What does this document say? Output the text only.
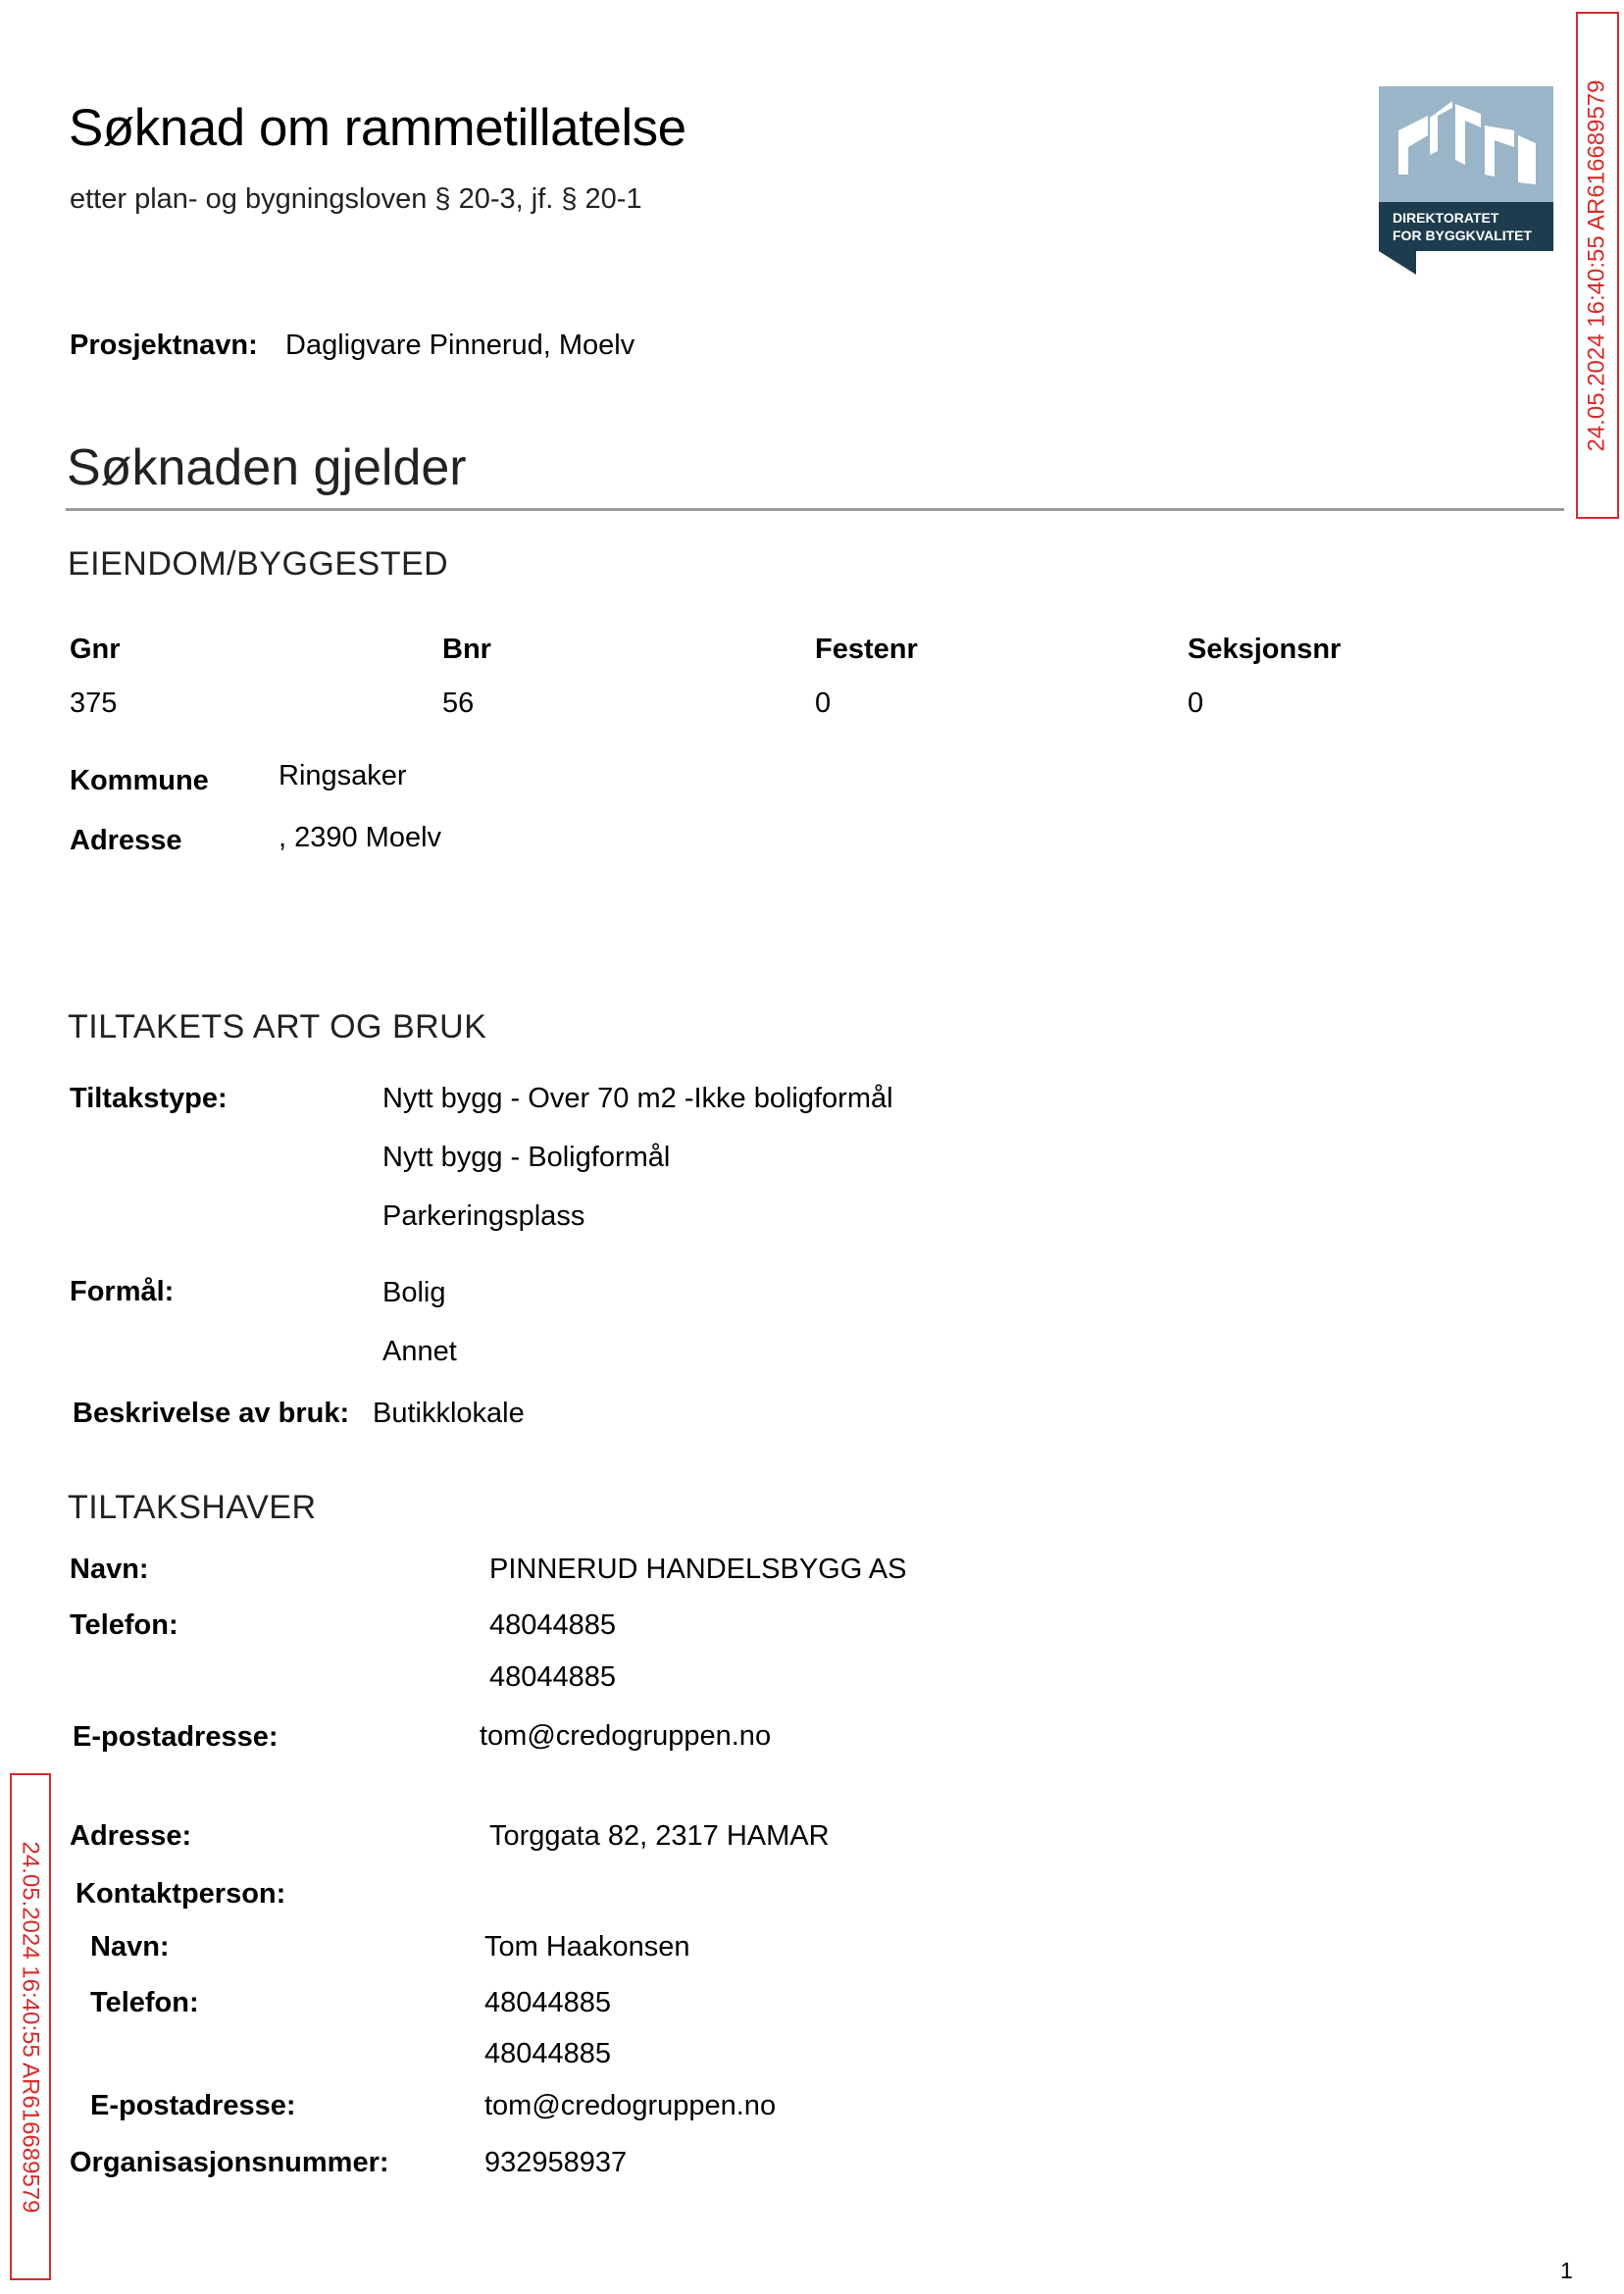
Søknad om rammetillatelse
etter plan- og bygningsloven § 20-3, jf. § 20-1
DIREKTORATET
FOR BYGGKVALITET 24.05.2024 16:40:55 AR616689579
24.05.2024 16:40:55 AR616689579
Prosjektnavn: Dagligvare Pinnerud, Moelv
Søknaden gjelder
EIENDOM/BYGGESTED
Gnr	Bnr	Festenr	Seksjonsnr
375	56	0	0
Kommune Ringsaker
Adresse	, 2390 Moelv
TILTAKETS ART OG BRUK
Tiltakstype:	Nytt bygg - Over 70 m2 -Ikke boligformål
Nytt bygg - Boligformål
Parkeringsplass
Formål:	Bolig
Annet
Beskrivelse av bruk: Butikklokale
TILTAKSHAVER
Navn:	PINNERUD HANDELSBYGG AS
Telefon:	48044885
48044885
E-postadresse:	tom@credogruppen.no
Adresse:	Torggata 82, 2317 HAMAR
Kontaktperson:
Navn:	Tom Haakonsen
Telefon:	48044885
48044885
E-postadresse:	tom@credogruppen.no
Organisasjonsnummer:	932958937
1
